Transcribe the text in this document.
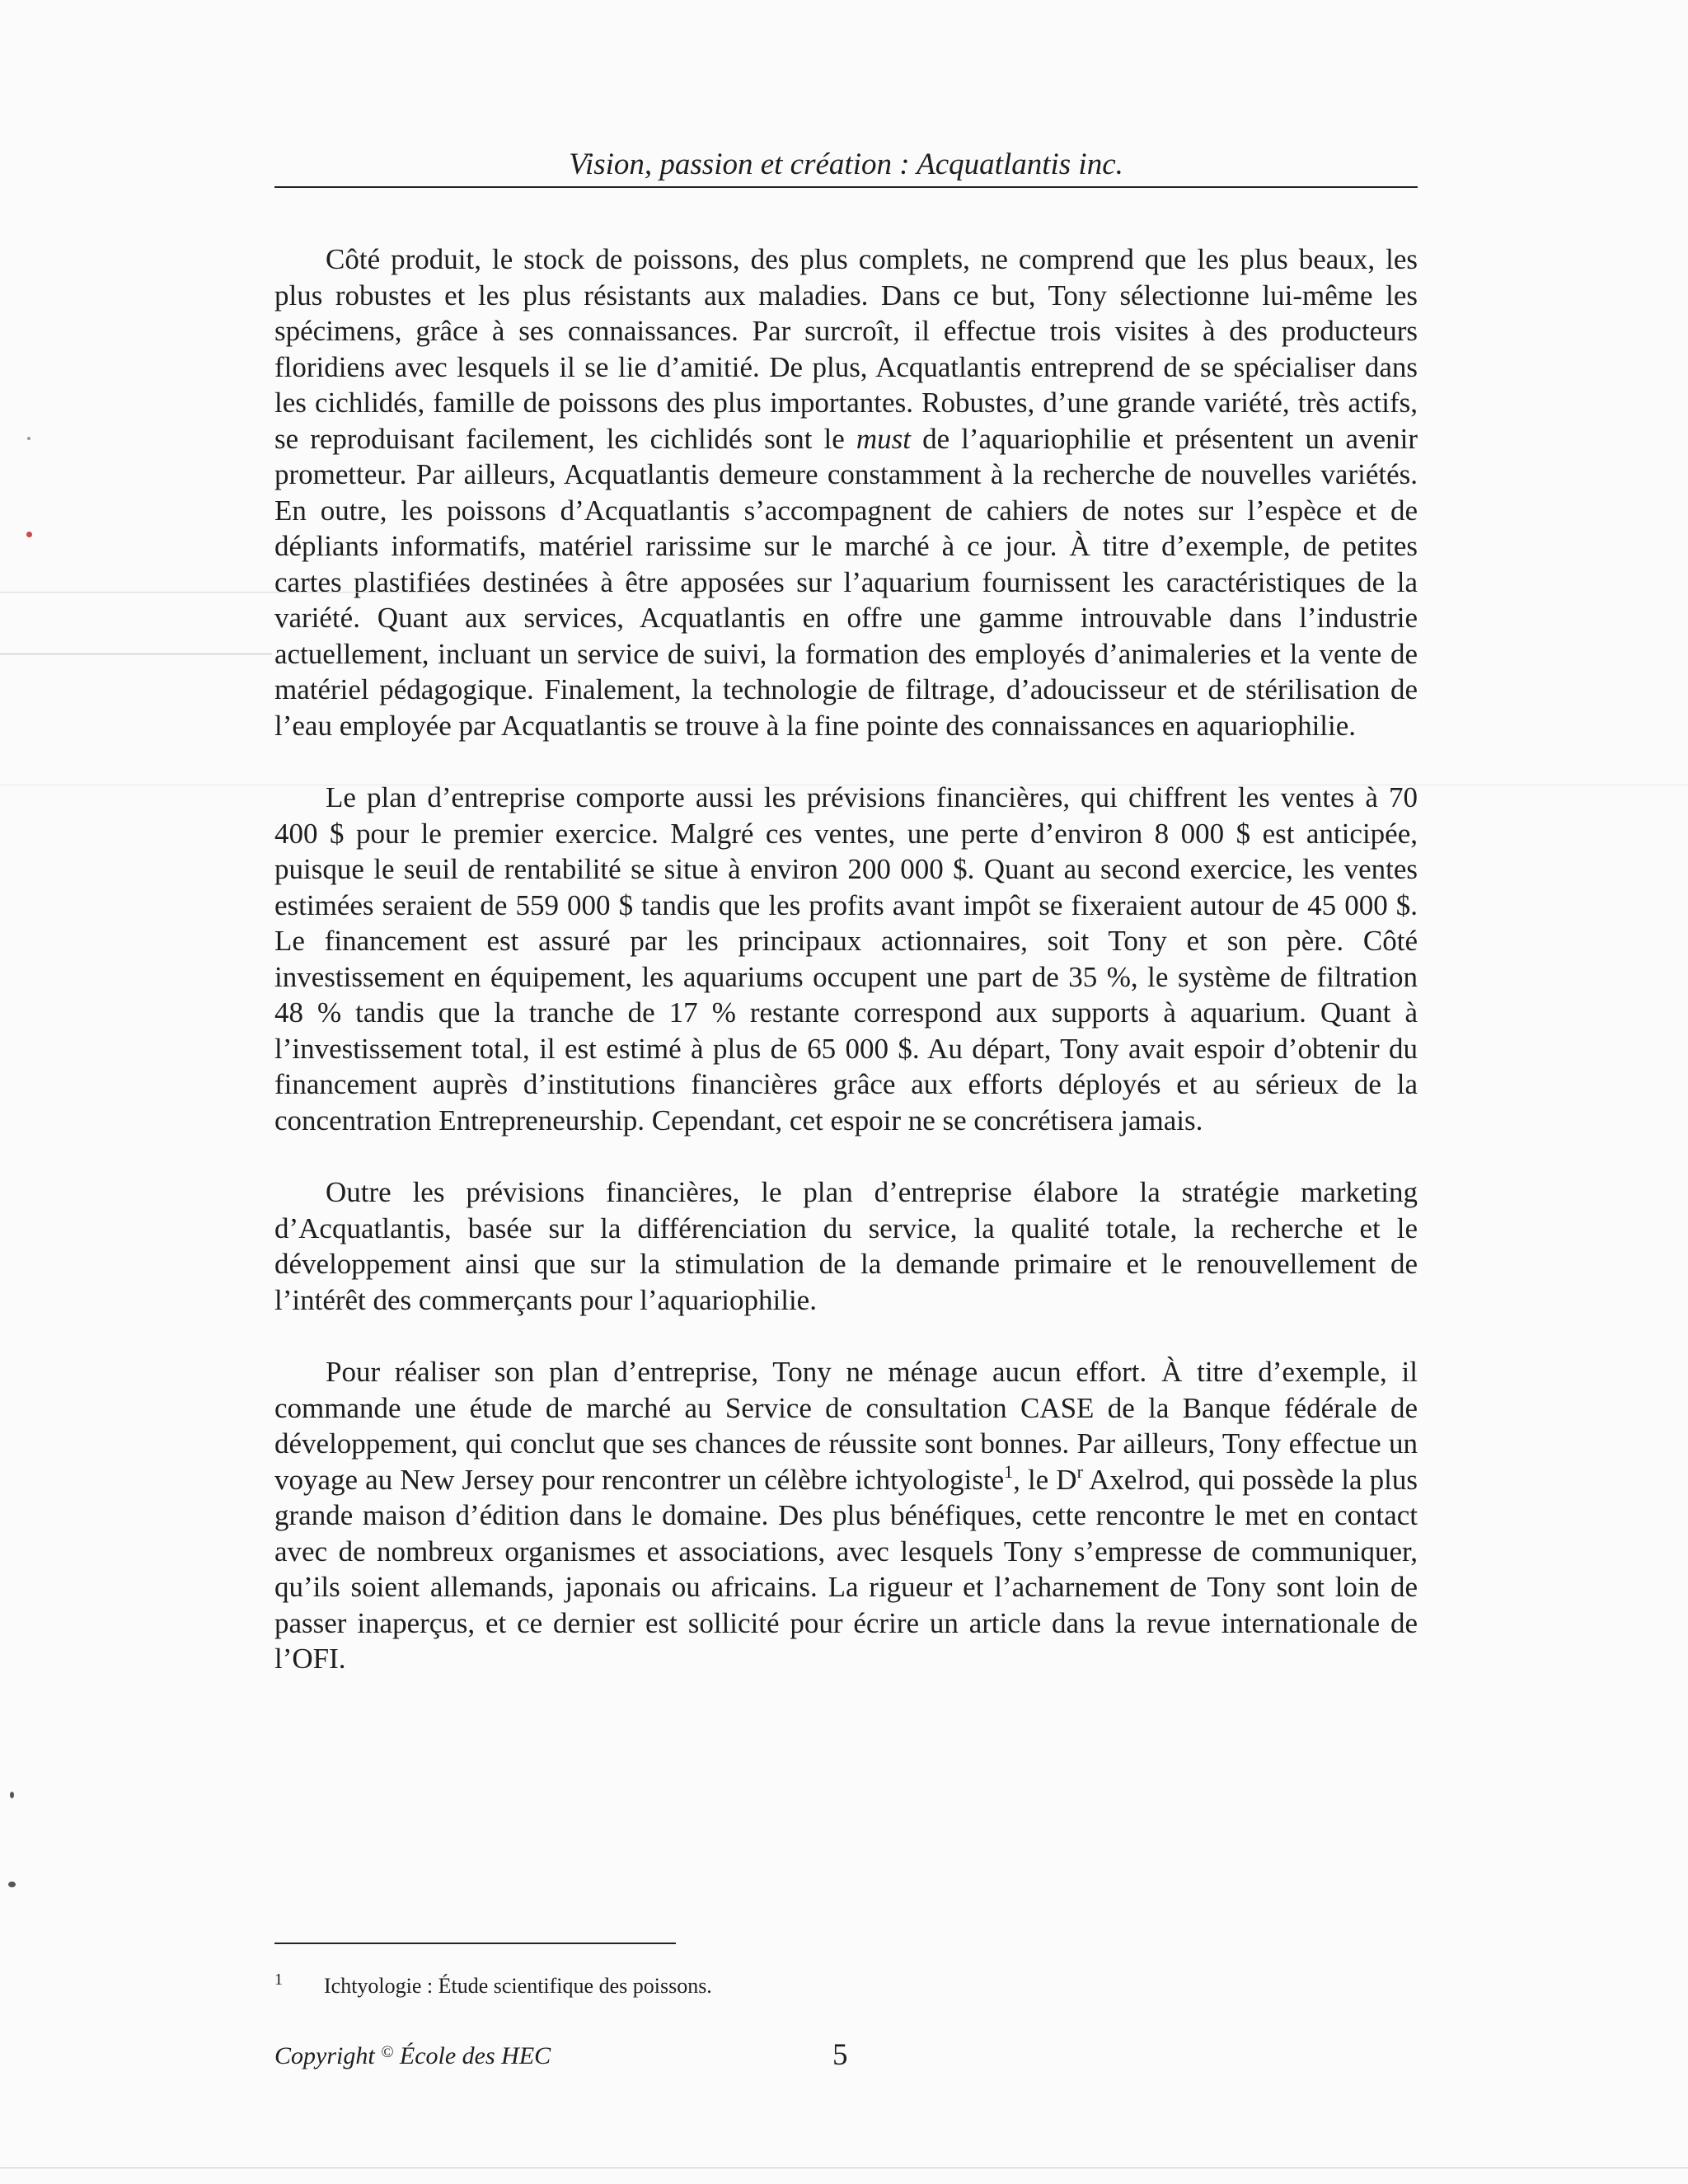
Vision, passion et création : Acquatlantis inc.

Côté produit, le stock de poissons, des plus complets, ne comprend que les plus beaux, les plus robustes et les plus résistants aux maladies. Dans ce but, Tony sélectionne lui-même les spécimens, grâce à ses connaissances. Par surcroît, il effectue trois visites à des producteurs floridiens avec lesquels il se lie d’amitié. De plus, Acquatlantis entreprend de se spécialiser dans les cichlidés, famille de poissons des plus importantes. Robustes, d’une grande variété, très actifs, se reproduisant facilement, les cichlidés sont le must de l’aquariophilie et présentent un avenir prometteur. Par ailleurs, Acquatlantis demeure constamment à la recherche de nouvelles variétés. En outre, les poissons d’Acquatlantis s’accompagnent de cahiers de notes sur l’espèce et de dépliants informatifs, matériel rarissime sur le marché à ce jour. À titre d’exemple, de petites cartes plastifiées destinées à être apposées sur l’aquarium fournissent les caractéristiques de la variété. Quant aux services, Acquatlantis en offre une gamme introuvable dans l’industrie actuellement, incluant un service de suivi, la formation des employés d’animaleries et la vente de matériel pédagogique. Finalement, la technologie de filtrage, d’adoucisseur et de stérilisation de l’eau employée par Acquatlantis se trouve à la fine pointe des connaissances en aquariophilie.

Le plan d’entreprise comporte aussi les prévisions financières, qui chiffrent les ventes à 70 400 $ pour le premier exercice. Malgré ces ventes, une perte d’environ 8 000 $ est anticipée, puisque le seuil de rentabilité se situe à environ 200 000 $. Quant au second exercice, les ventes estimées seraient de 559 000 $ tandis que les profits avant impôt se fixeraient autour de 45 000 $. Le financement est assuré par les principaux actionnaires, soit Tony et son père. Côté investissement en équipement, les aquariums occupent une part de 35 %, le système de filtration 48 % tandis que la tranche de 17 % restante correspond aux supports à aquarium. Quant à l’investissement total, il est estimé à plus de 65 000 $. Au départ, Tony avait espoir d’obtenir du financement auprès d’institutions financières grâce aux efforts déployés et au sérieux de la concentration Entrepreneurship. Cependant, cet espoir ne se concrétisera jamais.

Outre les prévisions financières, le plan d’entreprise élabore la stratégie marketing d’Acquatlantis, basée sur la différenciation du service, la qualité totale, la recherche et le développement ainsi que sur la stimulation de la demande primaire et le renouvellement de l’intérêt des commerçants pour l’aquariophilie.

Pour réaliser son plan d’entreprise, Tony ne ménage aucun effort. À titre d’exemple, il commande une étude de marché au Service de consultation CASE de la Banque fédérale de développement, qui conclut que ses chances de réussite sont bonnes. Par ailleurs, Tony effectue un voyage au New Jersey pour rencontrer un célèbre ichtyologiste$^1$, le $D^r$ Axelrod, qui possède la plus grande maison d’édition dans le domaine. Des plus bénéfiques, cette rencontre le met en contact avec de nombreux organismes et associations, avec lesquels Tony s’empresse de communiquer, qu’ils soient allemands, japonais ou africains. La rigueur et l’acharnement de Tony sont loin de passer inaperçus, et ce dernier est sollicité pour écrire un article dans la revue internationale de l’OFI.

1 Ichtyologie : Étude scientifique des poissons.
Copyright © École des HEC	5
